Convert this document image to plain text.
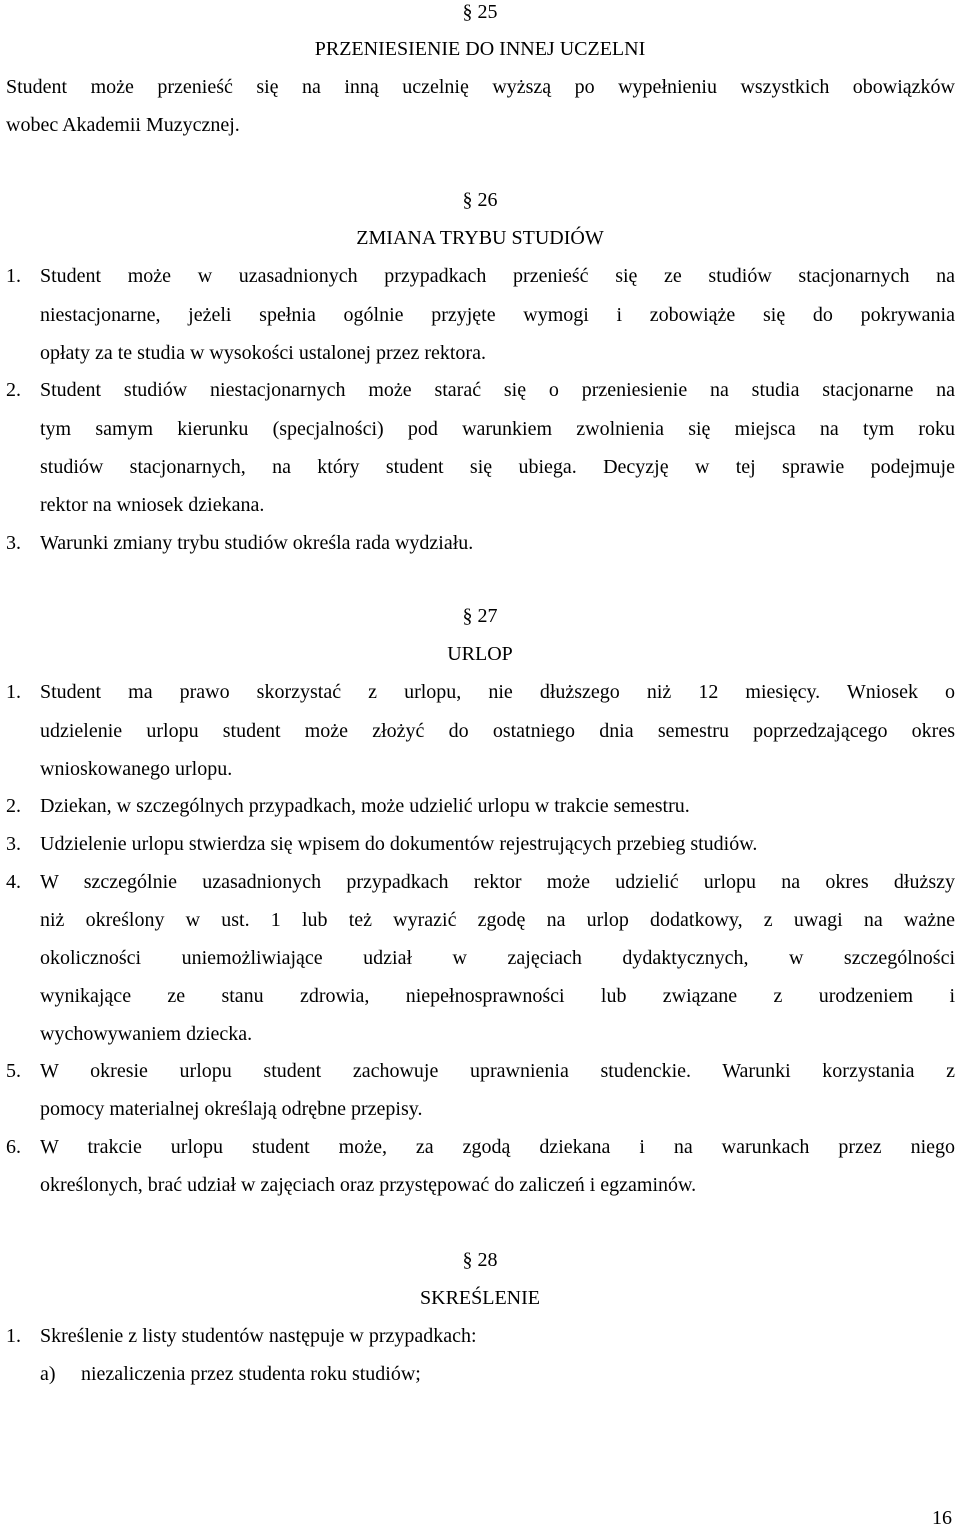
§ 25
PRZENIESIENIE DO INNEJ UCZELNI
Student może przenieść się na inną uczelnię wyższą po wypełnieniu wszystkich obowiązków
wobec Akademii Muzycznej.
§ 26
ZMIANA TRYBU STUDIÓW
1. Student może w uzasadnionych przypadkach przenieść się ze studiów stacjonarnych na
niestacjonarne, jeżeli spełnia ogólnie przyjęte wymogi i zobowiąże się do pokrywania
opłaty za te studia w wysokości ustalonej przez rektora.
2. Student studiów niestacjonarnych może starać się o przeniesienie na studia stacjonarne na
tym samym kierunku (specjalności) pod warunkiem zwolnienia się miejsca na tym roku
studiów stacjonarnych, na który student się ubiega. Decyzję w tej sprawie podejmuje
rektor na wniosek dziekana.
3. Warunki zmiany trybu studiów określa rada wydziału.
§ 27
URLOP
1. Student ma prawo skorzystać z urlopu, nie dłuższego niż 12 miesięcy. Wniosek o
udzielenie urlopu student może złożyć do ostatniego dnia semestru poprzedzającego okres
wnioskowanego urlopu.
2. Dziekan, w szczególnych przypadkach, może udzielić urlopu w trakcie semestru.
3. Udzielenie urlopu stwierdza się wpisem do dokumentów rejestrujących przebieg studiów.
4. W szczególnie uzasadnionych przypadkach rektor może udzielić urlopu na okres dłuższy
niż określony w ust. 1 lub też wyrazić zgodę na urlop dodatkowy, z uwagi na ważne
okoliczności uniemożliwiające udział w zajęciach dydaktycznych, w szczególności
wynikające ze stanu zdrowia, niepełnosprawności lub związane z urodzeniem i
wychowywaniem dziecka.
5. W okresie urlopu student zachowuje uprawnienia studenckie. Warunki korzystania z
pomocy materialnej określają odrębne przepisy.
6. W trakcie urlopu student może, za zgodą dziekana i na warunkach przez niego
określonych, brać udział w zajęciach oraz przystępować do zaliczeń i egzaminów.
§ 28
SKREŚLENIE
1. Skreślenie z listy studentów następuje w przypadkach:
a) niezaliczenia przez studenta roku studiów;
16
